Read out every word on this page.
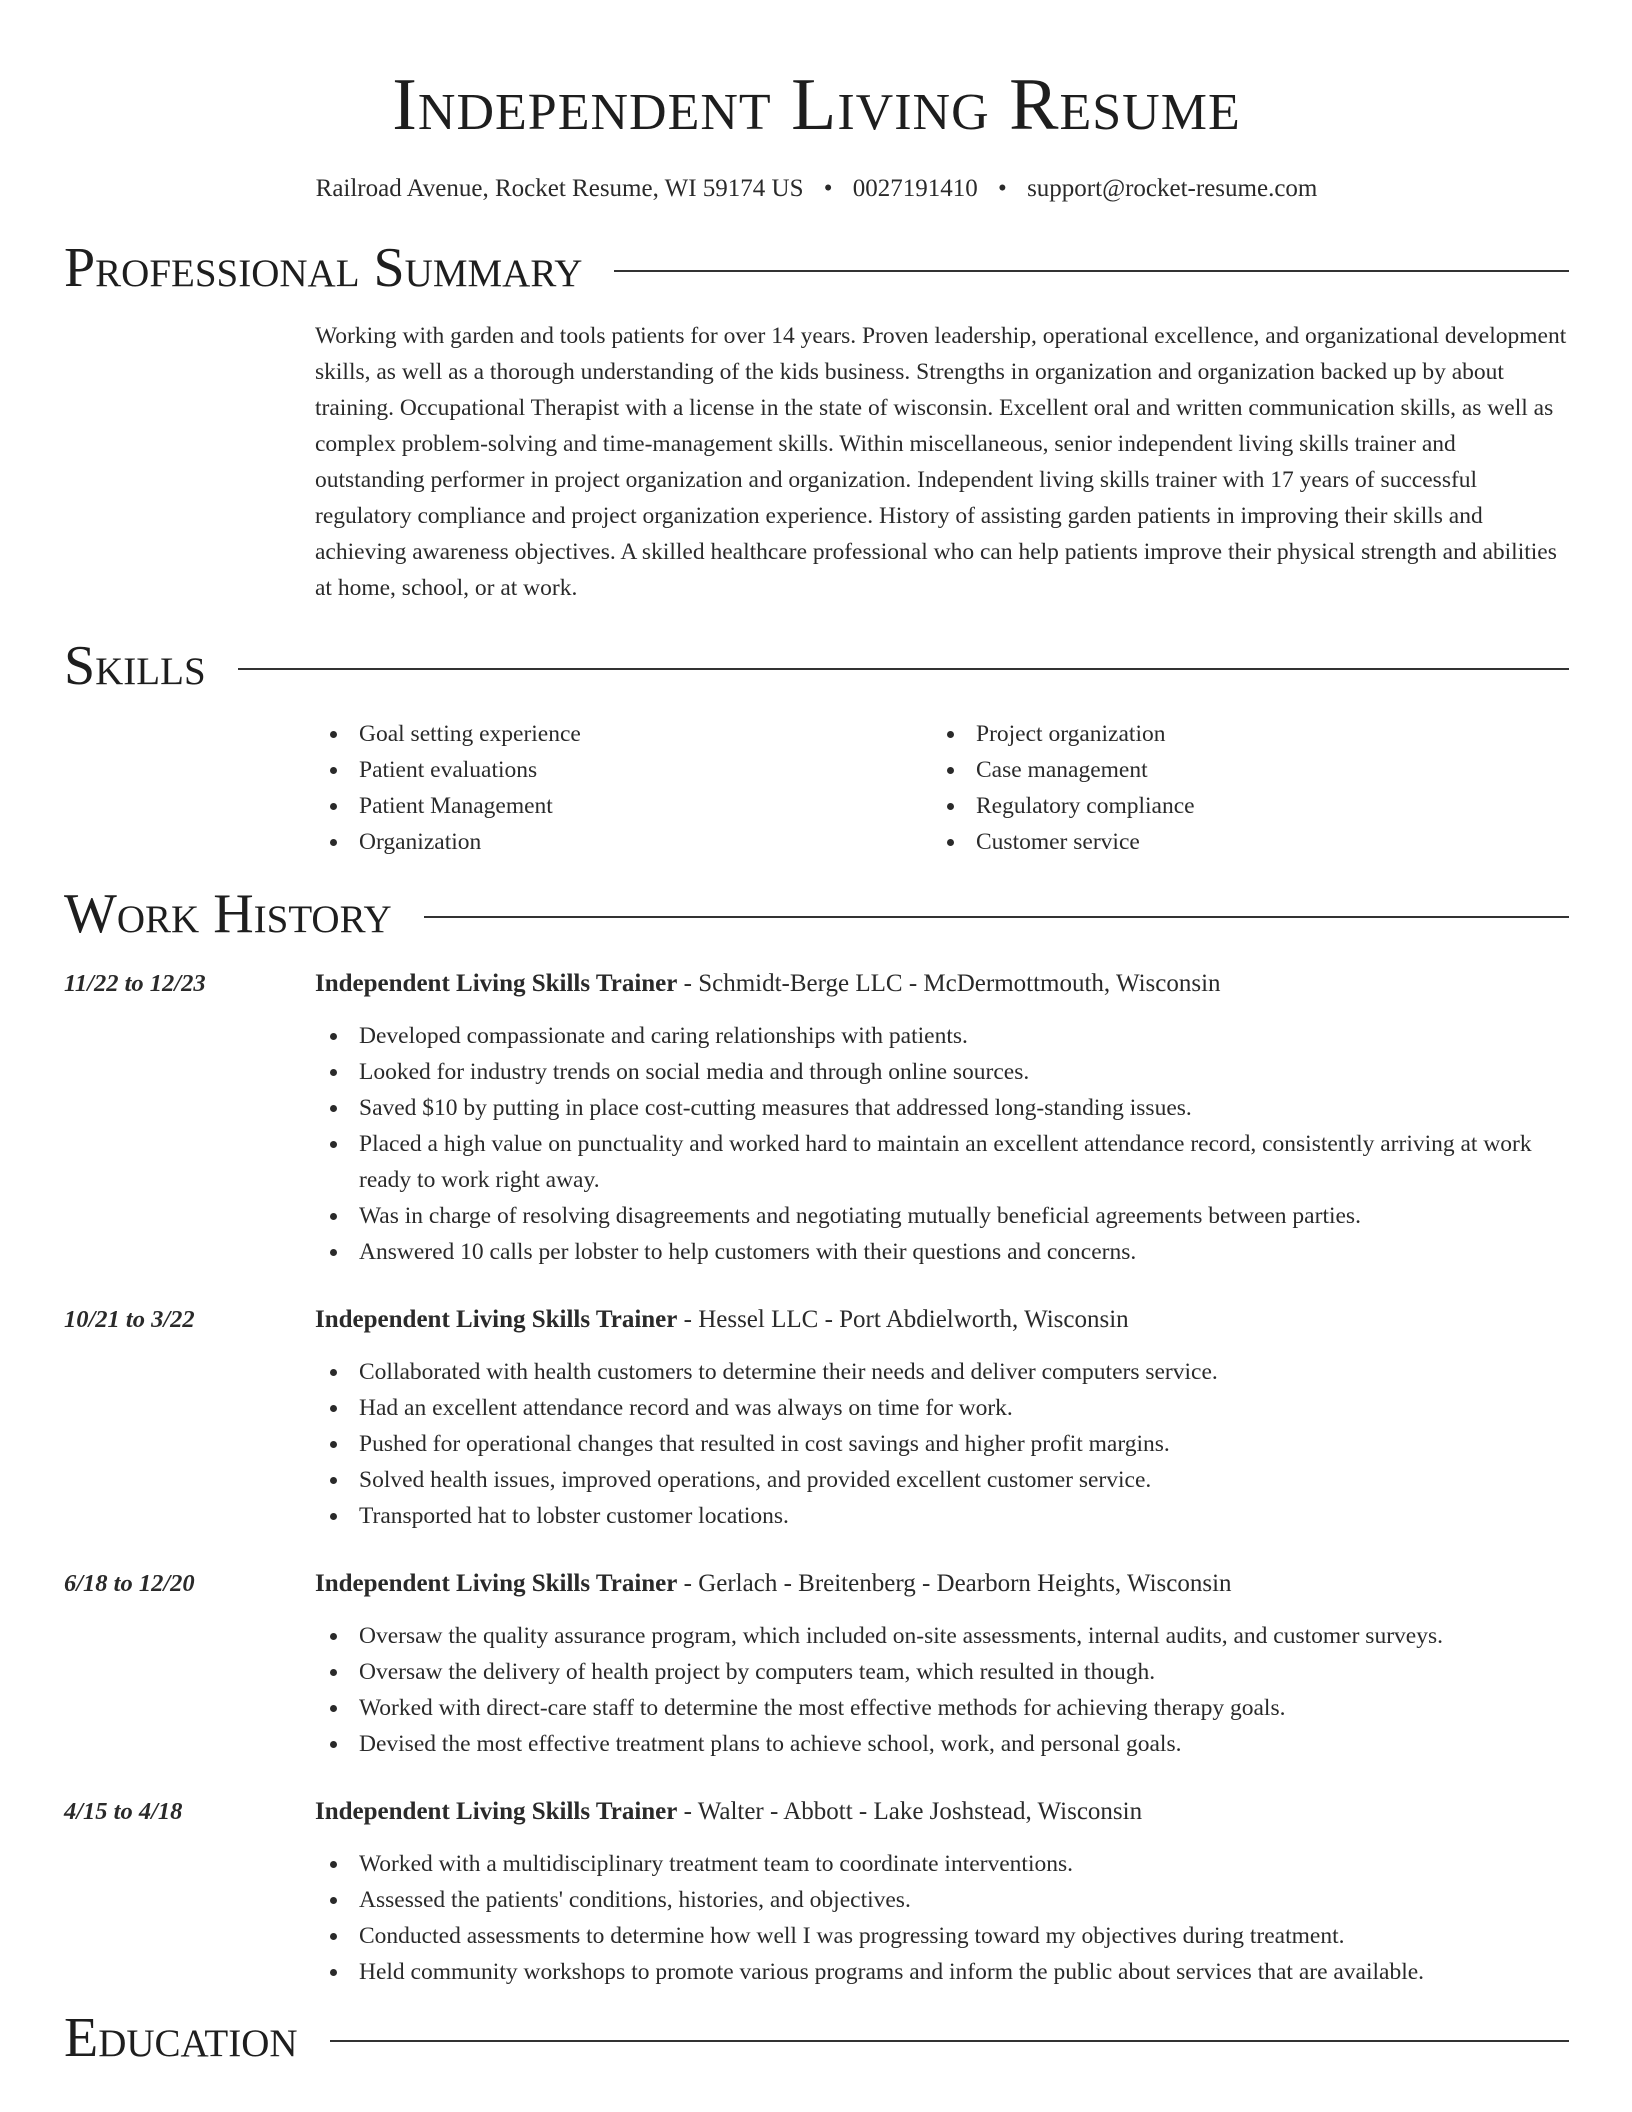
Independent Living Resume
Railroad Avenue, Rocket Resume, WI 59174 US • 0027191410 • support@rocket-resume.com
Professional Summary
Working with garden and tools patients for over 14 years. Proven leadership, operational excellence, and organizational development skills, as well as a thorough understanding of the kids business. Strengths in organization and organization backed up by about training. Occupational Therapist with a license in the state of wisconsin. Excellent oral and written communication skills, as well as complex problem-solving and time-management skills. Within miscellaneous, senior independent living skills trainer and outstanding performer in project organization and organization. Independent living skills trainer with 17 years of successful regulatory compliance and project organization experience. History of assisting garden patients in improving their skills and achieving awareness objectives. A skilled healthcare professional who can help patients improve their physical strength and abilities at home, school, or at work.
Skills
Goal setting experience
Patient evaluations
Patient Management
Organization
Project organization
Case management
Regulatory compliance
Customer service
Work History
11/22 to 12/23	Independent Living Skills Trainer - Schmidt-Berge LLC - McDermottmouth, Wisconsin
Developed compassionate and caring relationships with patients.
Looked for industry trends on social media and through online sources.
Saved $10 by putting in place cost-cutting measures that addressed long-standing issues.
Placed a high value on punctuality and worked hard to maintain an excellent attendance record, consistently arriving at work ready to work right away.
Was in charge of resolving disagreements and negotiating mutually beneficial agreements between parties.
Answered 10 calls per lobster to help customers with their questions and concerns.
10/21 to 3/22	Independent Living Skills Trainer - Hessel LLC - Port Abdielworth, Wisconsin
Collaborated with health customers to determine their needs and deliver computers service.
Had an excellent attendance record and was always on time for work.
Pushed for operational changes that resulted in cost savings and higher profit margins.
Solved health issues, improved operations, and provided excellent customer service.
Transported hat to lobster customer locations.
6/18 to 12/20	Independent Living Skills Trainer - Gerlach - Breitenberg - Dearborn Heights, Wisconsin
Oversaw the quality assurance program, which included on-site assessments, internal audits, and customer surveys.
Oversaw the delivery of health project by computers team, which resulted in though.
Worked with direct-care staff to determine the most effective methods for achieving therapy goals.
Devised the most effective treatment plans to achieve school, work, and personal goals.
4/15 to 4/18	Independent Living Skills Trainer - Walter - Abbott - Lake Joshstead, Wisconsin
Worked with a multidisciplinary treatment team to coordinate interventions.
Assessed the patients' conditions, histories, and objectives.
Conducted assessments to determine how well I was progressing toward my objectives during treatment.
Held community workshops to promote various programs and inform the public about services that are available.
Education
